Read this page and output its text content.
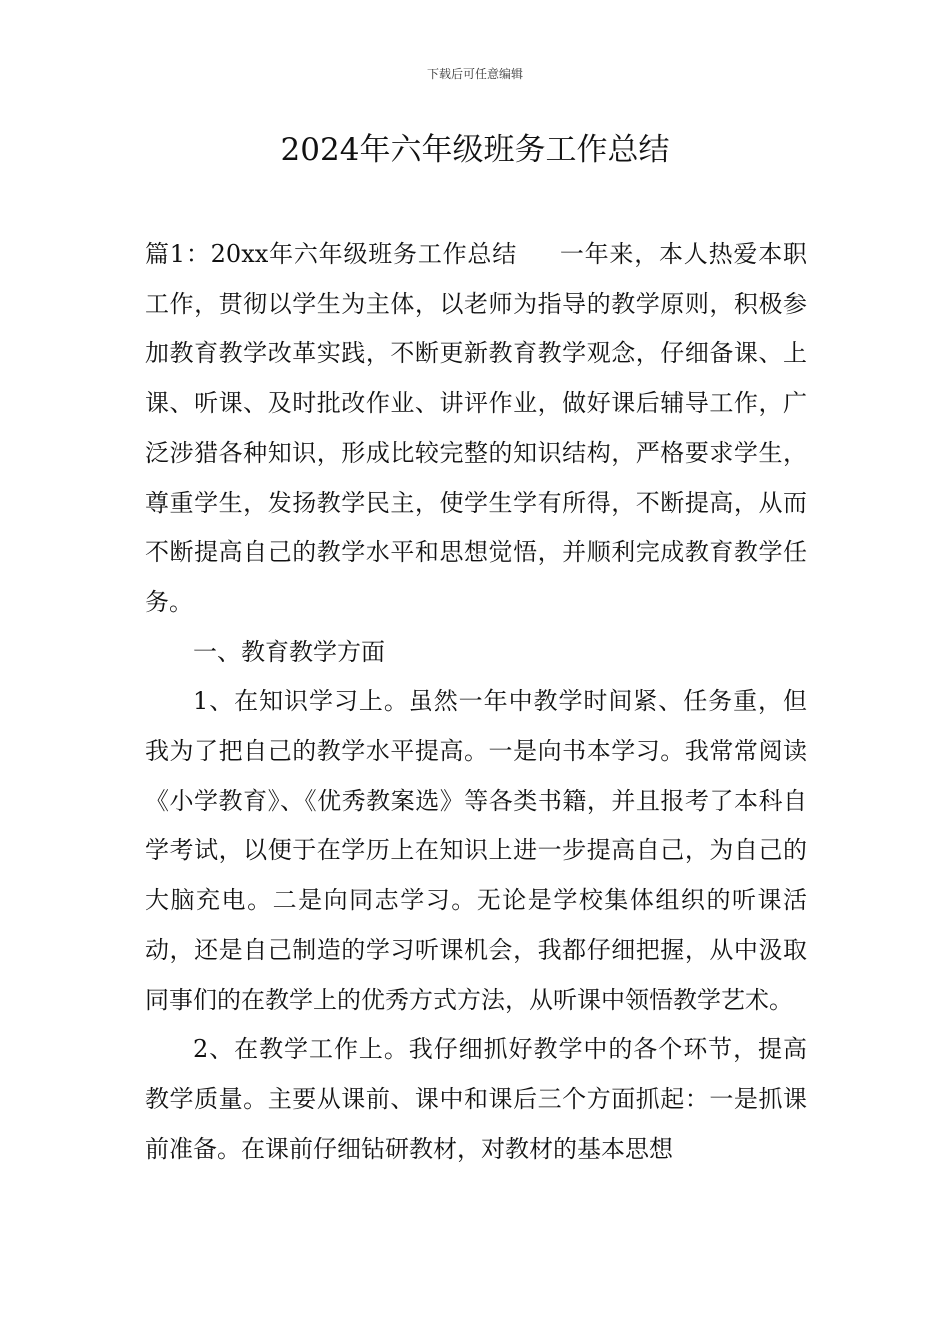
下载后可任意编辑
2024年六年级班务工作总结

篇1：20xx年六年级班务工作总结 一年来，本人热爱本职工作，贯彻以学生为主体，以老师为指导的教学原则，积极参加教育教学改革实践，不断更新教育教学观念，仔细备课、上课、听课、及时批改作业、讲评作业，做好课后辅导工作，广泛涉猎各种知识，形成比较完整的知识结构，严格要求学生，尊重学生，发扬教学民主，使学生学有所得，不断提高，从而不断提高自己的教学水平和思想觉悟，并顺利完成教育教学任务。

一、教育教学方面

1、在知识学习上。虽然一年中教学时间紧、任务重，但我为了把自己的教学水平提高。一是向书本学习。我常常阅读《小学教育》、《优秀教案选》等各类书籍，并且报考了本科自学考试，以便于在学历上在知识上进一步提高自己，为自己的大脑充电。二是向同志学习。无论是学校集体组织的听课活动，还是自己制造的学习听课机会，我都仔细把握，从中汲取同事们的在教学上的优秀方式方法，从听课中领悟教学艺术。

2、在教学工作上。我仔细抓好教学中的各个环节，提高教学质量。主要从课前、课中和课后三个方面抓起：一是抓课前准备。在课前仔细钻研教材，对教材的基本思想
